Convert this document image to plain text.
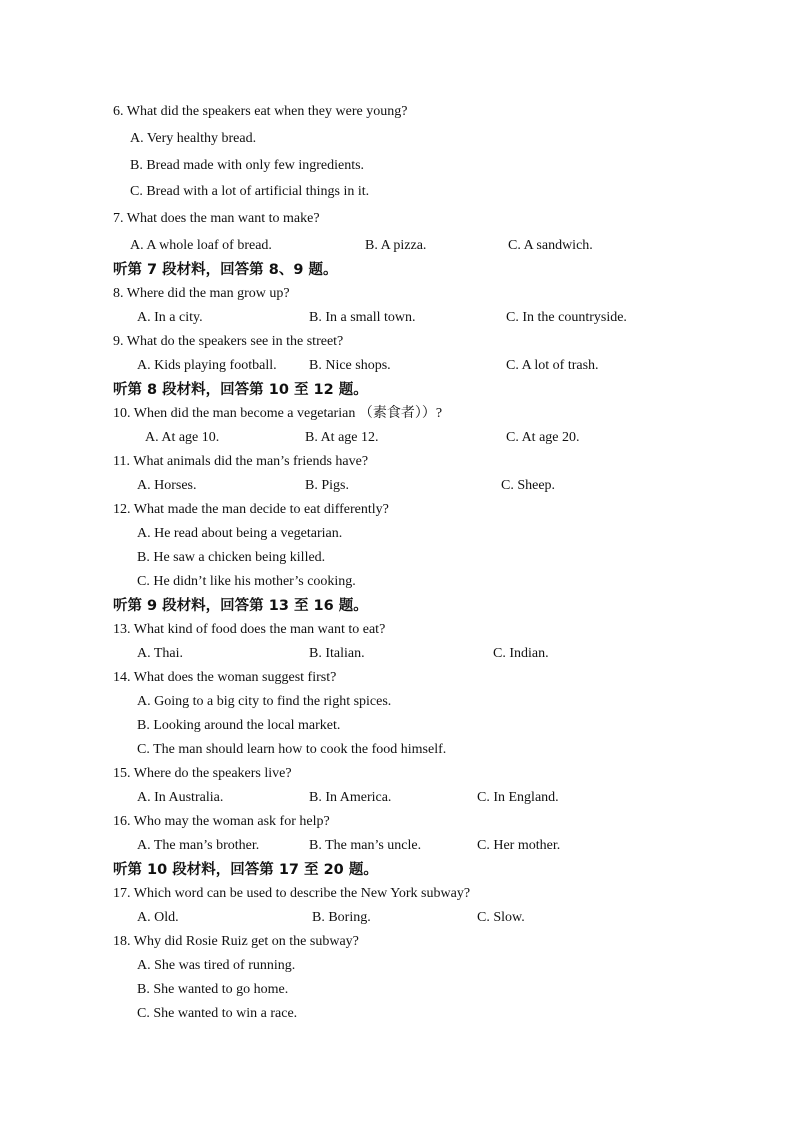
6. What did the speakers eat when they were young?
A. Very healthy bread.
B. Bread made with only few ingredients.
C. Bread with a lot of artificial things in it.
7. What does the man want to make?
A. A whole loaf of bread.	B. A pizza.	C. A sandwich.
听第 7 段材料，回答第 8、9 题。
8. Where did the man grow up?
A. In a city.	B. In a small town.	C. In the countryside.
9. What do the speakers see in the street?
A. Kids playing football. B. Nice shops.	C. A lot of trash.
听第 8 段材料，回答第 10 至 12 题。
10. When did the man become a vegetarian （素食者））?
A. At age 10.	B. At age 12.	C. At age 20.
11. What animals did the man’s friends have?
A. Horses.	B. Pigs.	C. Sheep.
12. What made the man decide to eat differently?
A. He read about being a vegetarian.
B. He saw a chicken being killed.
C. He didn’t like his mother’s cooking.
听第 9 段材料，回答第 13 至 16 题。
13. What kind of food does the man want to eat?
A. Thai.	B. Italian.	C. Indian.
14. What does the woman suggest first?
A. Going to a big city to find the right spices.
B. Looking around the local market.
C. The man should learn how to cook the food himself.
15. Where do the speakers live?
A. In Australia.	B. In America.	C. In England.
16. Who may the woman ask for help?
A. The man’s brother.	B. The man’s uncle.	C. Her mother.
听第 10 段材料，回答第 17 至 20 题。
17. Which word can be used to describe the New York subway?
A. Old.	B. Boring.	C. Slow.
18. Why did Rosie Ruiz get on the subway?
A. She was tired of running.
B. She wanted to go home.
C. She wanted to win a race.
